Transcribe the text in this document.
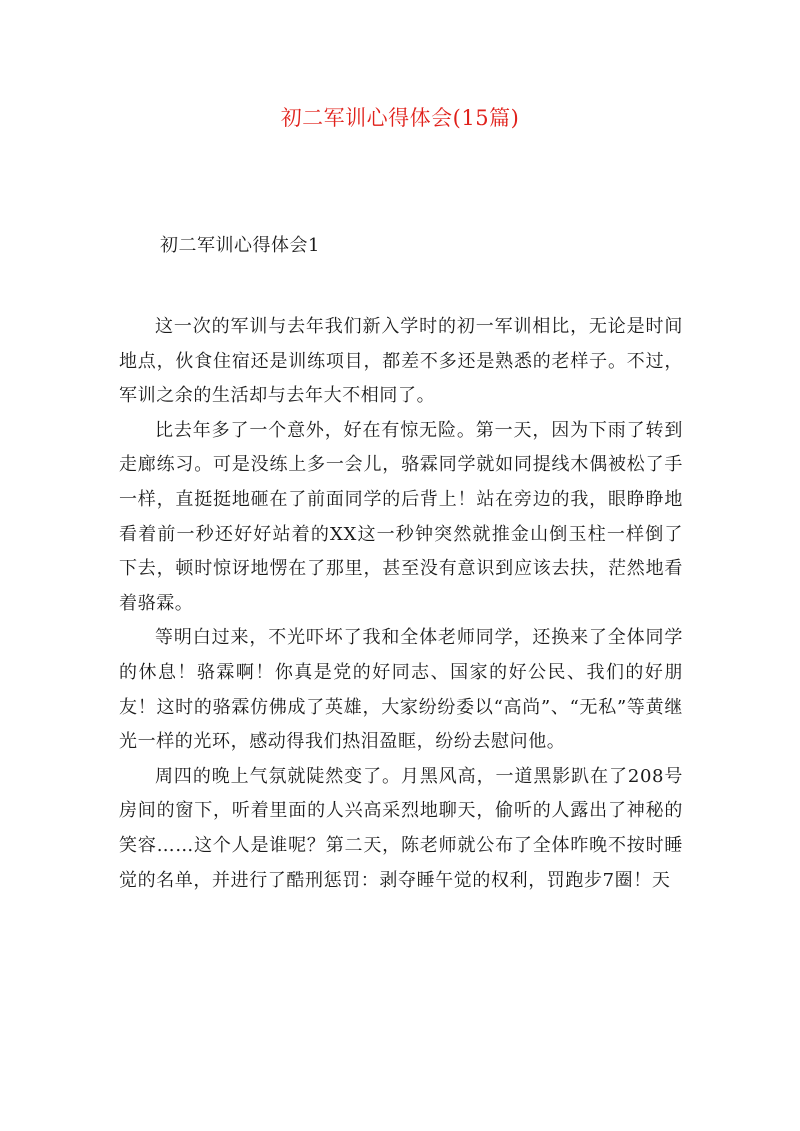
初二军训心得体会(15篇)
初二军训心得体会1

这一次的军训与去年我们新入学时的初一军训相比，无论是时间地点，伙食住宿还是训练项目，都差不多还是熟悉的老样子。不过，军训之余的生活却与去年大不相同了。

比去年多了一个意外，好在有惊无险。第一天，因为下雨了转到走廊练习。可是没练上多一会儿，骆霖同学就如同提线木偶被松了手一样，直挺挺地砸在了前面同学的后背上！站在旁边的我，眼睁睁地看着前一秒还好好站着的XX这一秒钟突然就推金山倒玉柱一样倒了下去，顿时惊讶地愣在了那里，甚至没有意识到应该去扶，茫然地看着骆霖。

等明白过来，不光吓坏了我和全体老师同学，还换来了全体同学的休息！骆霖啊！你真是党的好同志、国家的好公民、我们的好朋友！这时的骆霖仿佛成了英雄，大家纷纷委以“高尚”、“无私”等黄继光一样的光环，感动得我们热泪盈眶，纷纷去慰问他。

周四的晚上气氛就陡然变了。月黑风高，一道黑影趴在了208号房间的窗下，听着里面的人兴高采烈地聊天，偷听的人露出了神秘的笑容……这个人是谁呢？第二天，陈老师就公布了全体昨晚不按时睡觉的名单，并进行了酷刑惩罚：剥夺睡午觉的权利，罚跑步7圈！天
